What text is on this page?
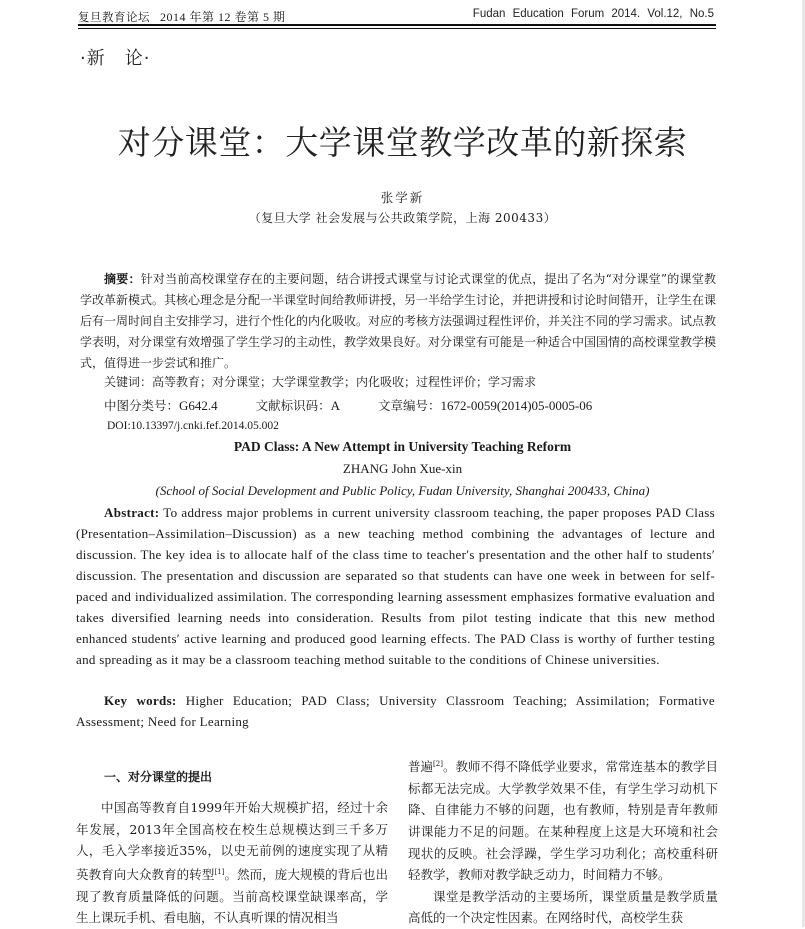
复旦教育论坛 2014 年第 12 卷第 5 期	Fudan Education Forum 2014. Vol.12, No.5
·新　论·
对分课堂：大学课堂教学改革的新探索
张学新
（复旦大学 社会发展与公共政策学院，上海 200433）
摘要：针对当前高校课堂存在的主要问题，结合讲授式课堂与讨论式课堂的优点，提出了名为“对分课堂”的课堂教学改革新模式。其核心理念是分配一半课堂时间给教师讲授，另一半给学生讨论，并把讲授和讨论时间错开，让学生在课后有一周时间自主安排学习，进行个性化的内化吸收。对应的考核方法强调过程性评价，并关注不同的学习需求。试点教学表明，对分课堂有效增强了学生学习的主动性，教学效果良好。对分课堂有可能是一种适合中国国情的高校课堂教学模式，值得进一步尝试和推广。
关键词：高等教育；对分课堂；大学课堂教学；内化吸收；过程性评价；学习需求
中图分类号：G642.4	文献标识码：A	文章编号：1672-0059(2014)05-0005-06
DOI:10.13397/j.cnki.fef.2014.05.002
PAD Class: A New Attempt in University Teaching Reform
ZHANG John Xue-xin
(School of Social Development and Public Policy, Fudan University, Shanghai 200433, China)
Abstract: To address major problems in current university classroom teaching, the paper proposes PAD Class (Presentation–Assimilation–Discussion) as a new teaching method combining the advantages of lecture and discussion. The key idea is to allocate half of the class time to teacher′s presentation and the other half to students′ discussion. The presentation and discussion are separated so that students can have one week in between for self-paced and individualized assimilation. The corresponding learning assessment emphasizes formative evaluation and takes diversified learning needs into consideration. Results from pilot testing indicate that this new method enhanced students′ active learning and produced good learning effects. The PAD Class is worthy of further testing and spreading as it may be a classroom teaching method suitable to the conditions of Chinese universities.
Key words: Higher Education; PAD Class; University Classroom Teaching; Assimilation; Formative Assessment; Need for Learning
一、对分课堂的提出

中国高等教育自1999年开始大规模扩招，经过十余年发展，2013年全国高校在校生总规模达到三千多万人，毛入学率接近35%，以史无前例的速度实现了从精英教育向大众教育的转型[1]。然而，庞大规模的背后也出现了教育质量降低的问题。当前高校课堂缺课率高，学生上课玩手机、看电脑，不认真听课的情况相当

普遍[2]。教师不得不降低学业要求，常常连基本的教学目标都无法完成。大学教学效果不佳，有学生学习动机下降、自律能力不够的问题，也有教师，特别是青年教师讲课能力不足的问题。在某种程度上这是大环境和社会现状的反映。社会浮躁，学生学习功利化；高校重科研轻教学，教师对教学缺乏动力，时间精力不够。

课堂是教学活动的主要场所，课堂质量是教学质量高低的一个决定性因素。在网络时代，高校学生获
